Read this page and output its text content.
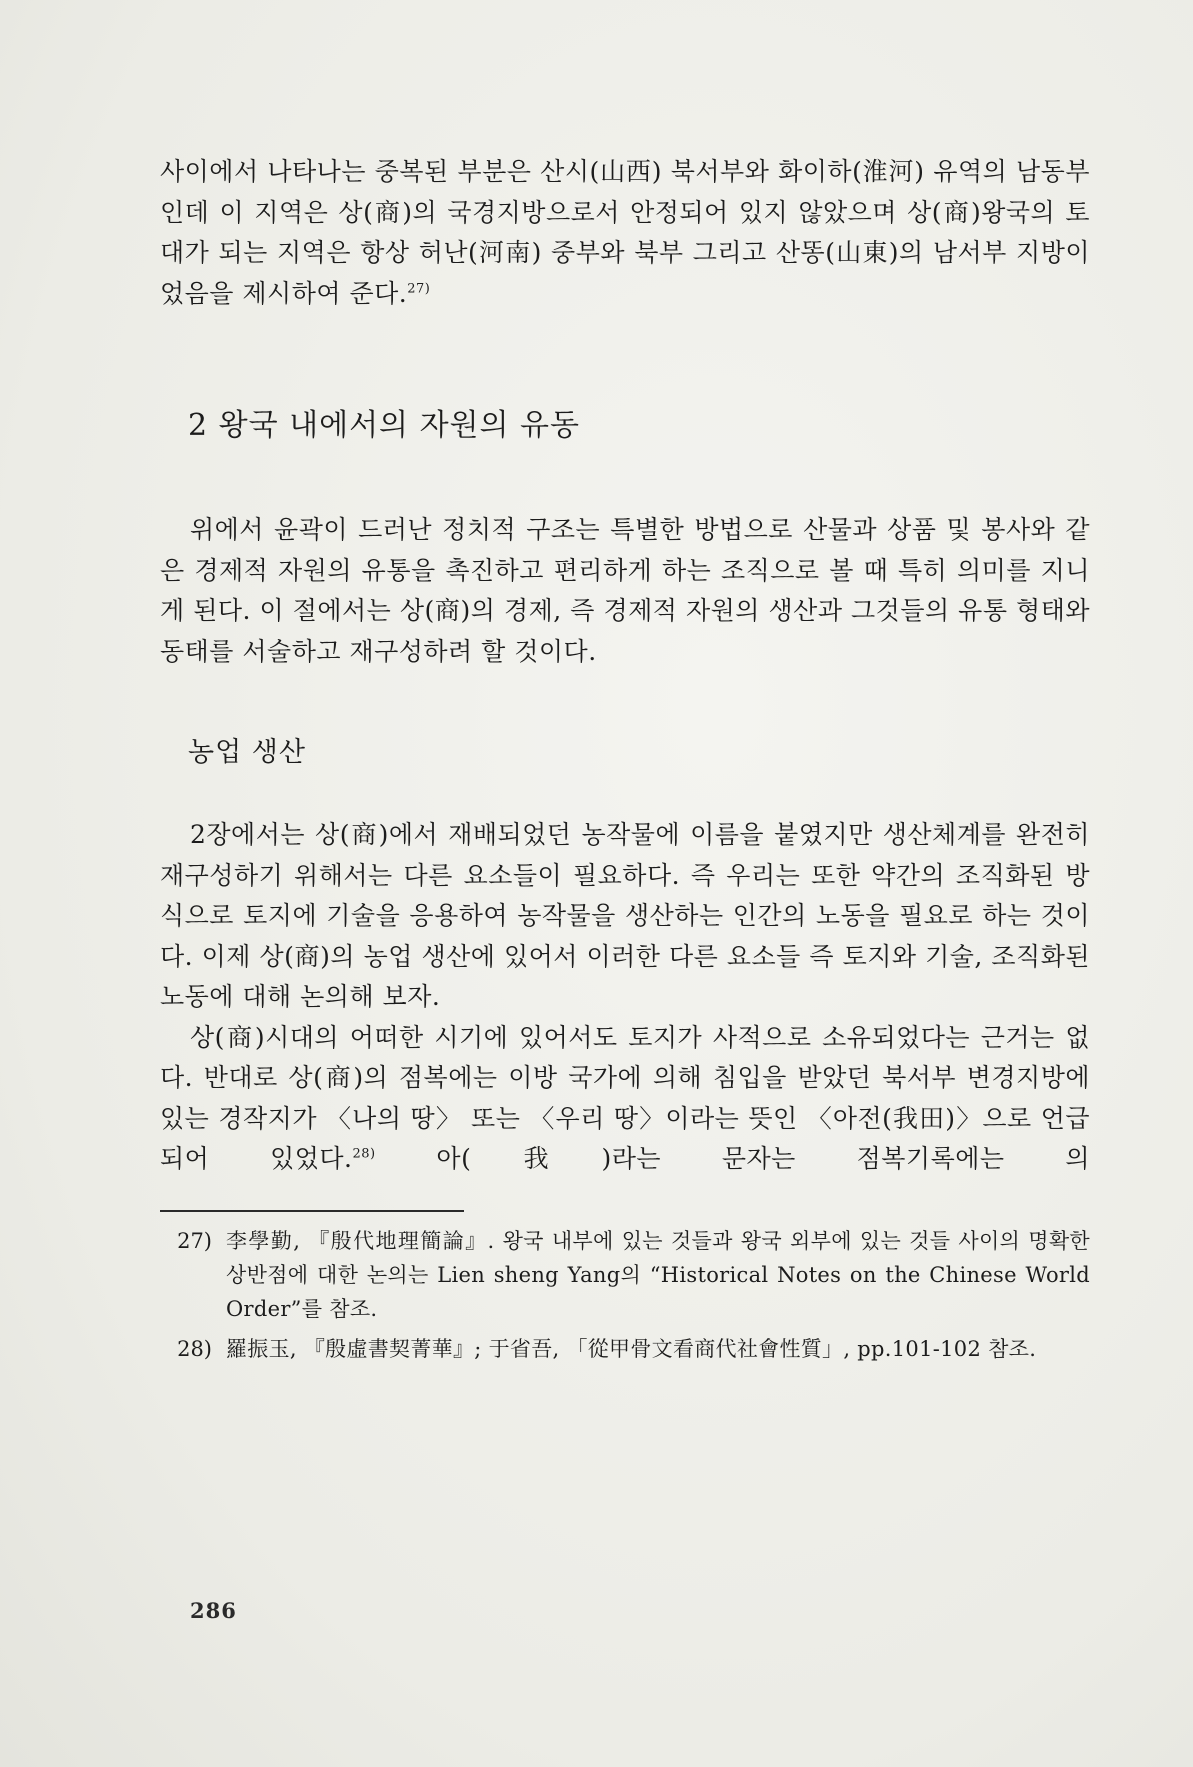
사이에서 나타나는 중복된 부분은 산시(山西) 북서부와 화이하(淮河) 유역의 남동부인데 이 지역은 상(商)의 국경지방으로서 안정되어 있지 않았으며 상(商)왕국의 토대가 되는 지역은 항상 허난(河南) 중부와 북부 그리고 산똥(山東)의 남서부 지방이었음을 제시하여 준다.$^{27)}$

2 왕국 내에서의 자원의 유동

위에서 윤곽이 드러난 정치적 구조는 특별한 방법으로 산물과 상품 및 봉사와 같은 경제적 자원의 유통을 촉진하고 편리하게 하는 조직으로 볼 때 특히 의미를 지니게 된다. 이 절에서는 상(商)의 경제, 즉 경제적 자원의 생산과 그것들의 유통 형태와 동태를 서술하고 재구성하려 할 것이다.

농업 생산

2장에서는 상(商)에서 재배되었던 농작물에 이름을 붙였지만 생산체계를 완전히 재구성하기 위해서는 다른 요소들이 필요하다. 즉 우리는 또한 약간의 조직화된 방식으로 토지에 기술을 응용하여 농작물을 생산하는 인간의 노동을 필요로 하는 것이다. 이제 상(商)의 농업 생산에 있어서 이러한 다른 요소들 즉 토지와 기술, 조직화된 노동에 대해 논의해 보자.

상(商)시대의 어떠한 시기에 있어서도 토지가 사적으로 소유되었다는 근거는 없다. 반대로 상(商)의 점복에는 이방 국가에 의해 침입을 받았던 북서부 변경지방에 있는 경작지가 〈나의 땅〉 또는 〈우리 땅〉이라는 뜻인 〈아전(我田)〉으로 언급되어 있었다.$^{28)}$ 아(我)라는 문자는 점복기록에는 의

27) 李學勤, 『殷代地理簡論』. 왕국 내부에 있는 것들과 왕국 외부에 있는 것들 사이의 명확한 상반점에 대한 논의는 Lien sheng Yang의 “Historical Notes on the Chinese World Order”를 참조.
28) 羅振玉, 『殷虛書契菁華』; 于省吾, 「從甲骨文看商代社會性質」, pp.101-102 참조.
286
